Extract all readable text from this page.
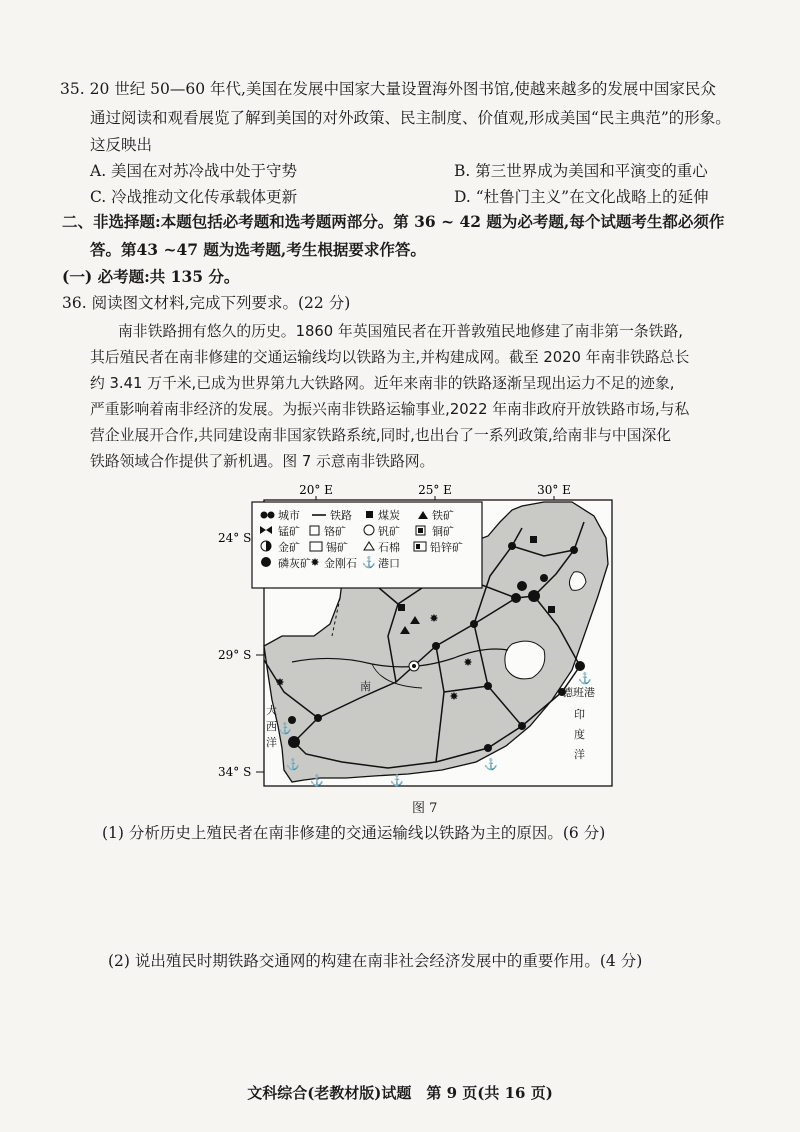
35. 20 世纪 50—60 年代,美国在发展中国家大量设置海外图书馆,使越来越多的发展中国家民众
通过阅读和观看展览了解到美国的对外政策、民主制度、价值观,形成美国“民主典范”的形象。
这反映出
A. 美国在对苏冷战中处于守势	B. 第三世界成为美国和平演变的重心
C. 冷战推动文化传承载体更新	D. “杜鲁门主义”在文化战略上的延伸
二、非选择题:本题包括必考题和选考题两部分。第 36 ~ 42 题为必考题,每个试题考生都必须作
答。第43 ~47 题为选考题,考生根据要求作答。
(一) 必考题:共 135 分。
36. 阅读图文材料,完成下列要求。(22 分)
南非铁路拥有悠久的历史。1860 年英国殖民者在开普敦殖民地修建了南非第一条铁路,
其后殖民者在南非修建的交通运输线均以铁路为主,并构建成网。截至 2020 年南非铁路总长
约 3.41 万千米,已成为世界第九大铁路网。近年来南非的铁路逐渐呈现出运力不足的迹象,
严重影响着南非经济的发展。为振兴南非铁路运输事业,2022 年南非政府开放铁路市场,与私
营企业展开合作,共同建设南非国家铁路系统,同时,也出台了一系列政策,给南非与中国深化
铁路领域合作提供了新机遇。图 7 示意南非铁路网。
20° E	25° E	30° E
24° S
29° S
34° S
✸
✸
✸
✸
⚓
⚓
⚓	⚓
⚓
⚓
✸	⚓
城市	铁路 煤炭	铁矿
锰矿 铬矿	钒矿	铜矿
金矿 锡矿	石棉	铅锌矿
磷灰矿 金刚石 港口
德班港
南
印
度
洋
大
西
洋
图 7
(1) 分析历史上殖民者在南非修建的交通运输线以铁路为主的原因。(6 分)
(2) 说出殖民时期铁路交通网的构建在南非社会经济发展中的重要作用。(4 分)
文科综合(老教材版)试题　第 9 页(共 16 页)
